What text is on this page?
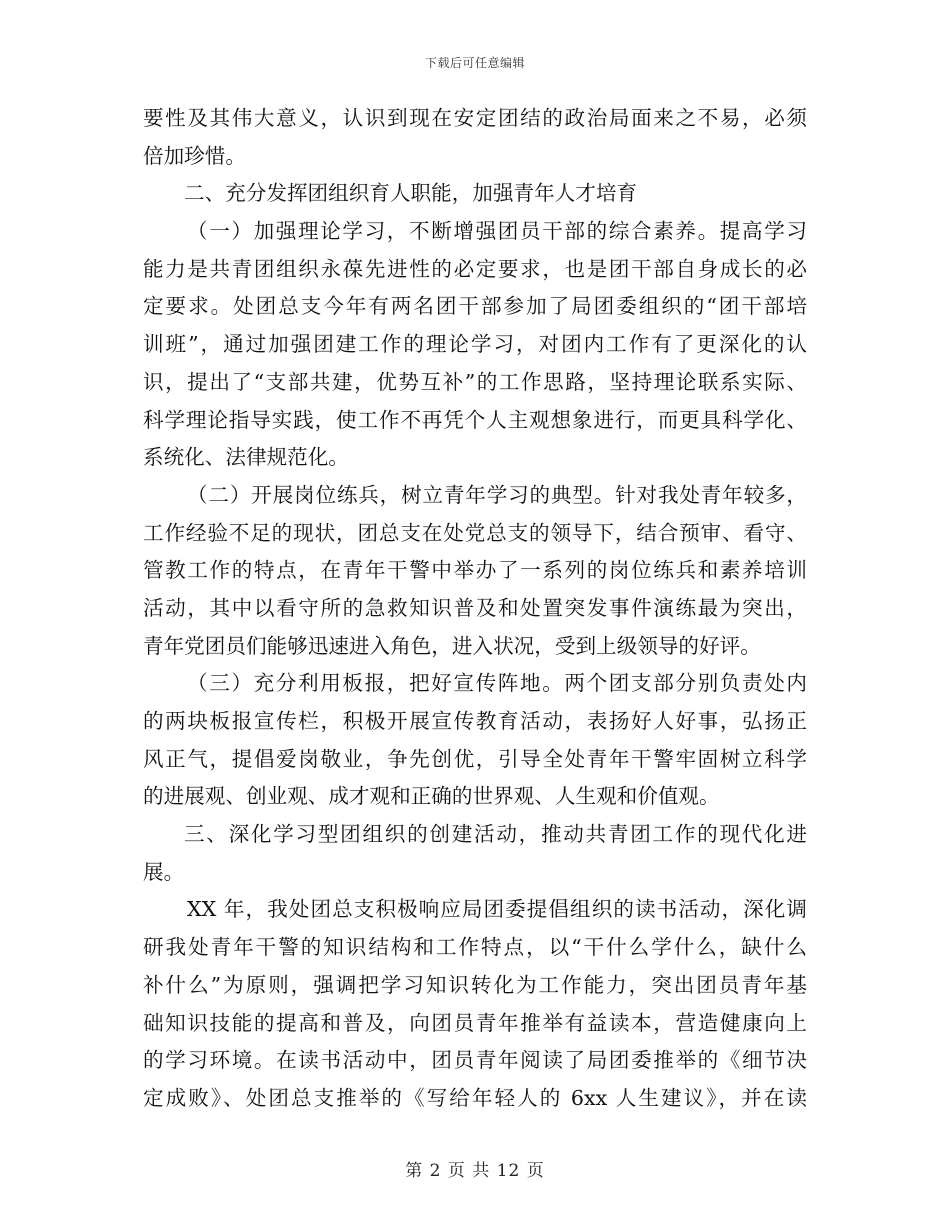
下载后可任意编辑
要性及其伟大意义，认识到现在安定团结的政治局面来之不易，必须
倍加珍惜。
二、充分发挥团组织育人职能，加强青年人才培育
（一）加强理论学习，不断增强团员干部的综合素养。提高学习
能力是共青团组织永葆先进性的必定要求，也是团干部自身成长的必
定要求。处团总支今年有两名团干部参加了局团委组织的“团干部培
训班”，通过加强团建工作的理论学习，对团内工作有了更深化的认
识，提出了“支部共建，优势互补”的工作思路，坚持理论联系实际、
科学理论指导实践，使工作不再凭个人主观想象进行，而更具科学化、
系统化、法律规范化。
（二）开展岗位练兵，树立青年学习的典型。针对我处青年较多，
工作经验不足的现状，团总支在处党总支的领导下，结合预审、看守、
管教工作的特点，在青年干警中举办了一系列的岗位练兵和素养培训
活动，其中以看守所的急救知识普及和处置突发事件演练最为突出，
青年党团员们能够迅速进入角色，进入状况，受到上级领导的好评。
（三）充分利用板报，把好宣传阵地。两个团支部分别负责处内
的两块板报宣传栏，积极开展宣传教育活动，表扬好人好事，弘扬正
风正气，提倡爱岗敬业，争先创优，引导全处青年干警牢固树立科学
的进展观、创业观、成才观和正确的世界观、人生观和价值观。
三、深化学习型团组织的创建活动，推动共青团工作的现代化进
展。
XX 年，我处团总支积极响应局团委提倡组织的读书活动，深化调
研我处青年干警的知识结构和工作特点，以“干什么学什么，缺什么
补什么”为原则，强调把学习知识转化为工作能力，突出团员青年基
础知识技能的提高和普及，向团员青年推举有益读本，营造健康向上
的学习环境。在读书活动中，团员青年阅读了局团委推举的《细节决
定成败》、处团总支推举的《写给年轻人的 6xx 人生建议》，并在读
第 2 页 共 12 页
